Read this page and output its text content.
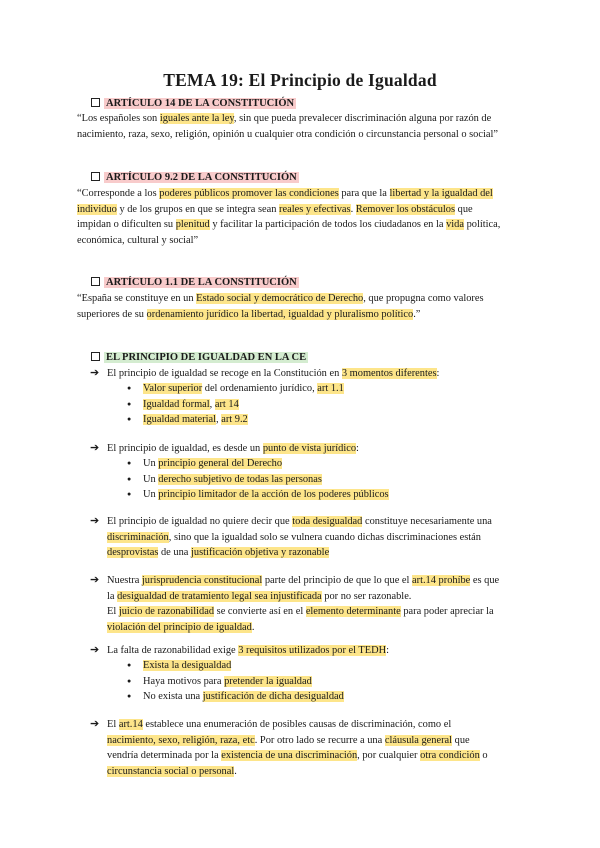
TEMA 19: El Principio de Igualdad
ARTÍCULO 14 DE LA CONSTITUCIÓN
“Los españoles son iguales ante la ley, sin que pueda prevalecer discriminación alguna por razón de
nacimiento, raza, sexo, religión, opinión u cualquier otra condición o circunstancia personal o social”
ARTÍCULO 9.2 DE LA CONSTITUCIÓN
“Corresponde a los poderes públicos promover las condiciones para que la libertad y la igualdad del
individuo y de los grupos en que se integra sean reales y efectivas. Remover los obstáculos que
impidan o dificulten su plenitud y facilitar la participación de todos los ciudadanos en la vida política,
económica, cultural y social”
ARTÍCULO 1.1 DE LA CONSTITUCIÓN
“España se constituye en un Estado social y democrático de Derecho, que propugna como valores
superiores de su ordenamiento jurídico la libertad, igualdad y pluralismo político.”
EL PRINCIPIO DE IGUALDAD EN LA CE
➔ El principio de igualdad se recoge en la Constitución en 3 momentos diferentes:
● Valor superior del ordenamiento jurídico, art 1.1
● Igualdad formal, art 14
● Igualdad material, art 9.2
➔ El principio de igualdad, es desde un punto de vista jurídico:
● Un principio general del Derecho
● Un derecho subjetivo de todas las personas
● Un principio limitador de la acción de los poderes públicos
➔ El principio de igualdad no quiere decir que toda desigualdad constituye necesariamente una
discriminación, sino que la igualdad solo se vulnera cuando dichas discriminaciones están
desprovistas de una justificación objetiva y razonable
➔ Nuestra jurisprudencia constitucional parte del principio de que lo que el art.14 prohíbe es que
la desigualdad de tratamiento legal sea injustificada por no ser razonable.
El juicio de razonabilidad se convierte así en el elemento determinante para poder apreciar la
violación del principio de igualdad.
➔ La falta de razonabilidad exige 3 requisitos utilizados por el TEDH:
● Exista la desigualdad
● Haya motivos para pretender la igualdad
● No exista una justificación de dicha desigualdad
➔ El art.14 establece una enumeración de posibles causas de discriminación, como el
nacimiento, sexo, religión, raza, etc. Por otro lado se recurre a una cláusula general que
vendría determinada por la existencia de una discriminación, por cualquier otra condición o
circunstancia social o personal.
